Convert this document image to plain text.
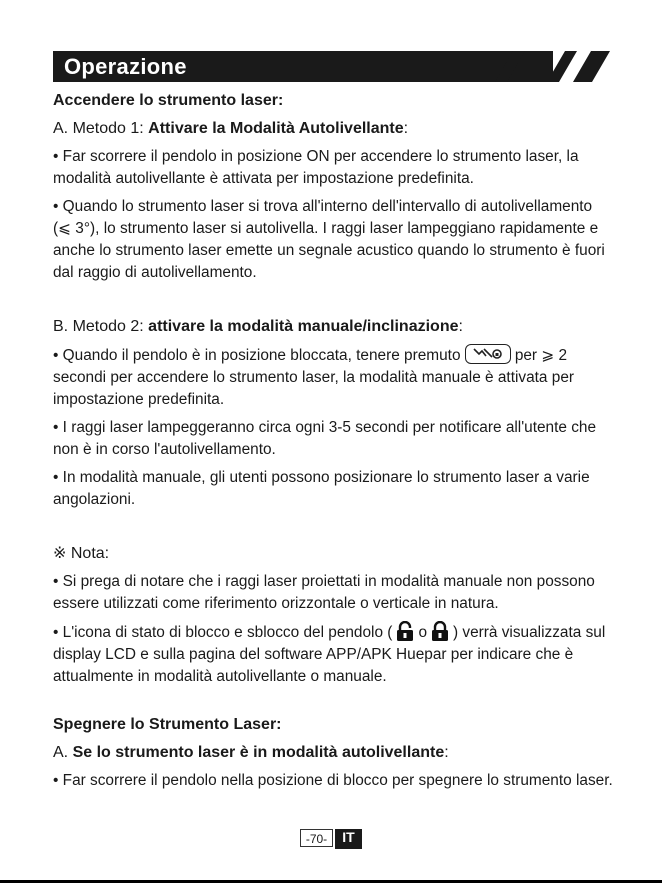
Operazione

Accendere lo strumento laser:

A. Metodo 1: Attivare la Modalità Autolivellante:

• Far scorrere il pendolo in posizione ON per accendere lo strumento laser, la modalità autolivellante è attivata per impostazione predefinita.

• Quando lo strumento laser si trova all'interno dell'intervallo di autolivellamento (⩽ 3°), lo strumento laser si autolivella. I raggi laser lampeggiano rapidamente e anche lo strumento laser emette un segnale acustico quando lo strumento è fuori dal raggio di autolivellamento.

B. Metodo 2: attivare la modalità manuale/inclinazione:

• Quando il pendolo è in posizione bloccata, tenere premuto	per ⩾ 2 secondi per accendere lo strumento laser, la modalità manuale è attivata per impostazione predefinita.

• I raggi laser lampeggeranno circa ogni 3-5 secondi per notificare all'utente che non è in corso l'autolivellamento.

• In modalità manuale, gli utenti possono posizionare lo strumento laser a varie angolazioni.

※ Nota:

• Si prega di notare che i raggi laser proiettati in modalità manuale non possono essere utilizzati come riferimento orizzontale o verticale in natura.

• L'icona di stato di blocco e sblocco del pendolo ( o ) verrà visualizzata sul display LCD e sulla pagina del software APP/APK Huepar per indicare che è attualmente in modalità autolivellante o manuale.

Spegnere lo Strumento Laser:

A. Se lo strumento laser è in modalità autolivellante:

• Far scorrere il pendolo nella posizione di blocco per spegnere lo strumento laser.

-70-	IT
